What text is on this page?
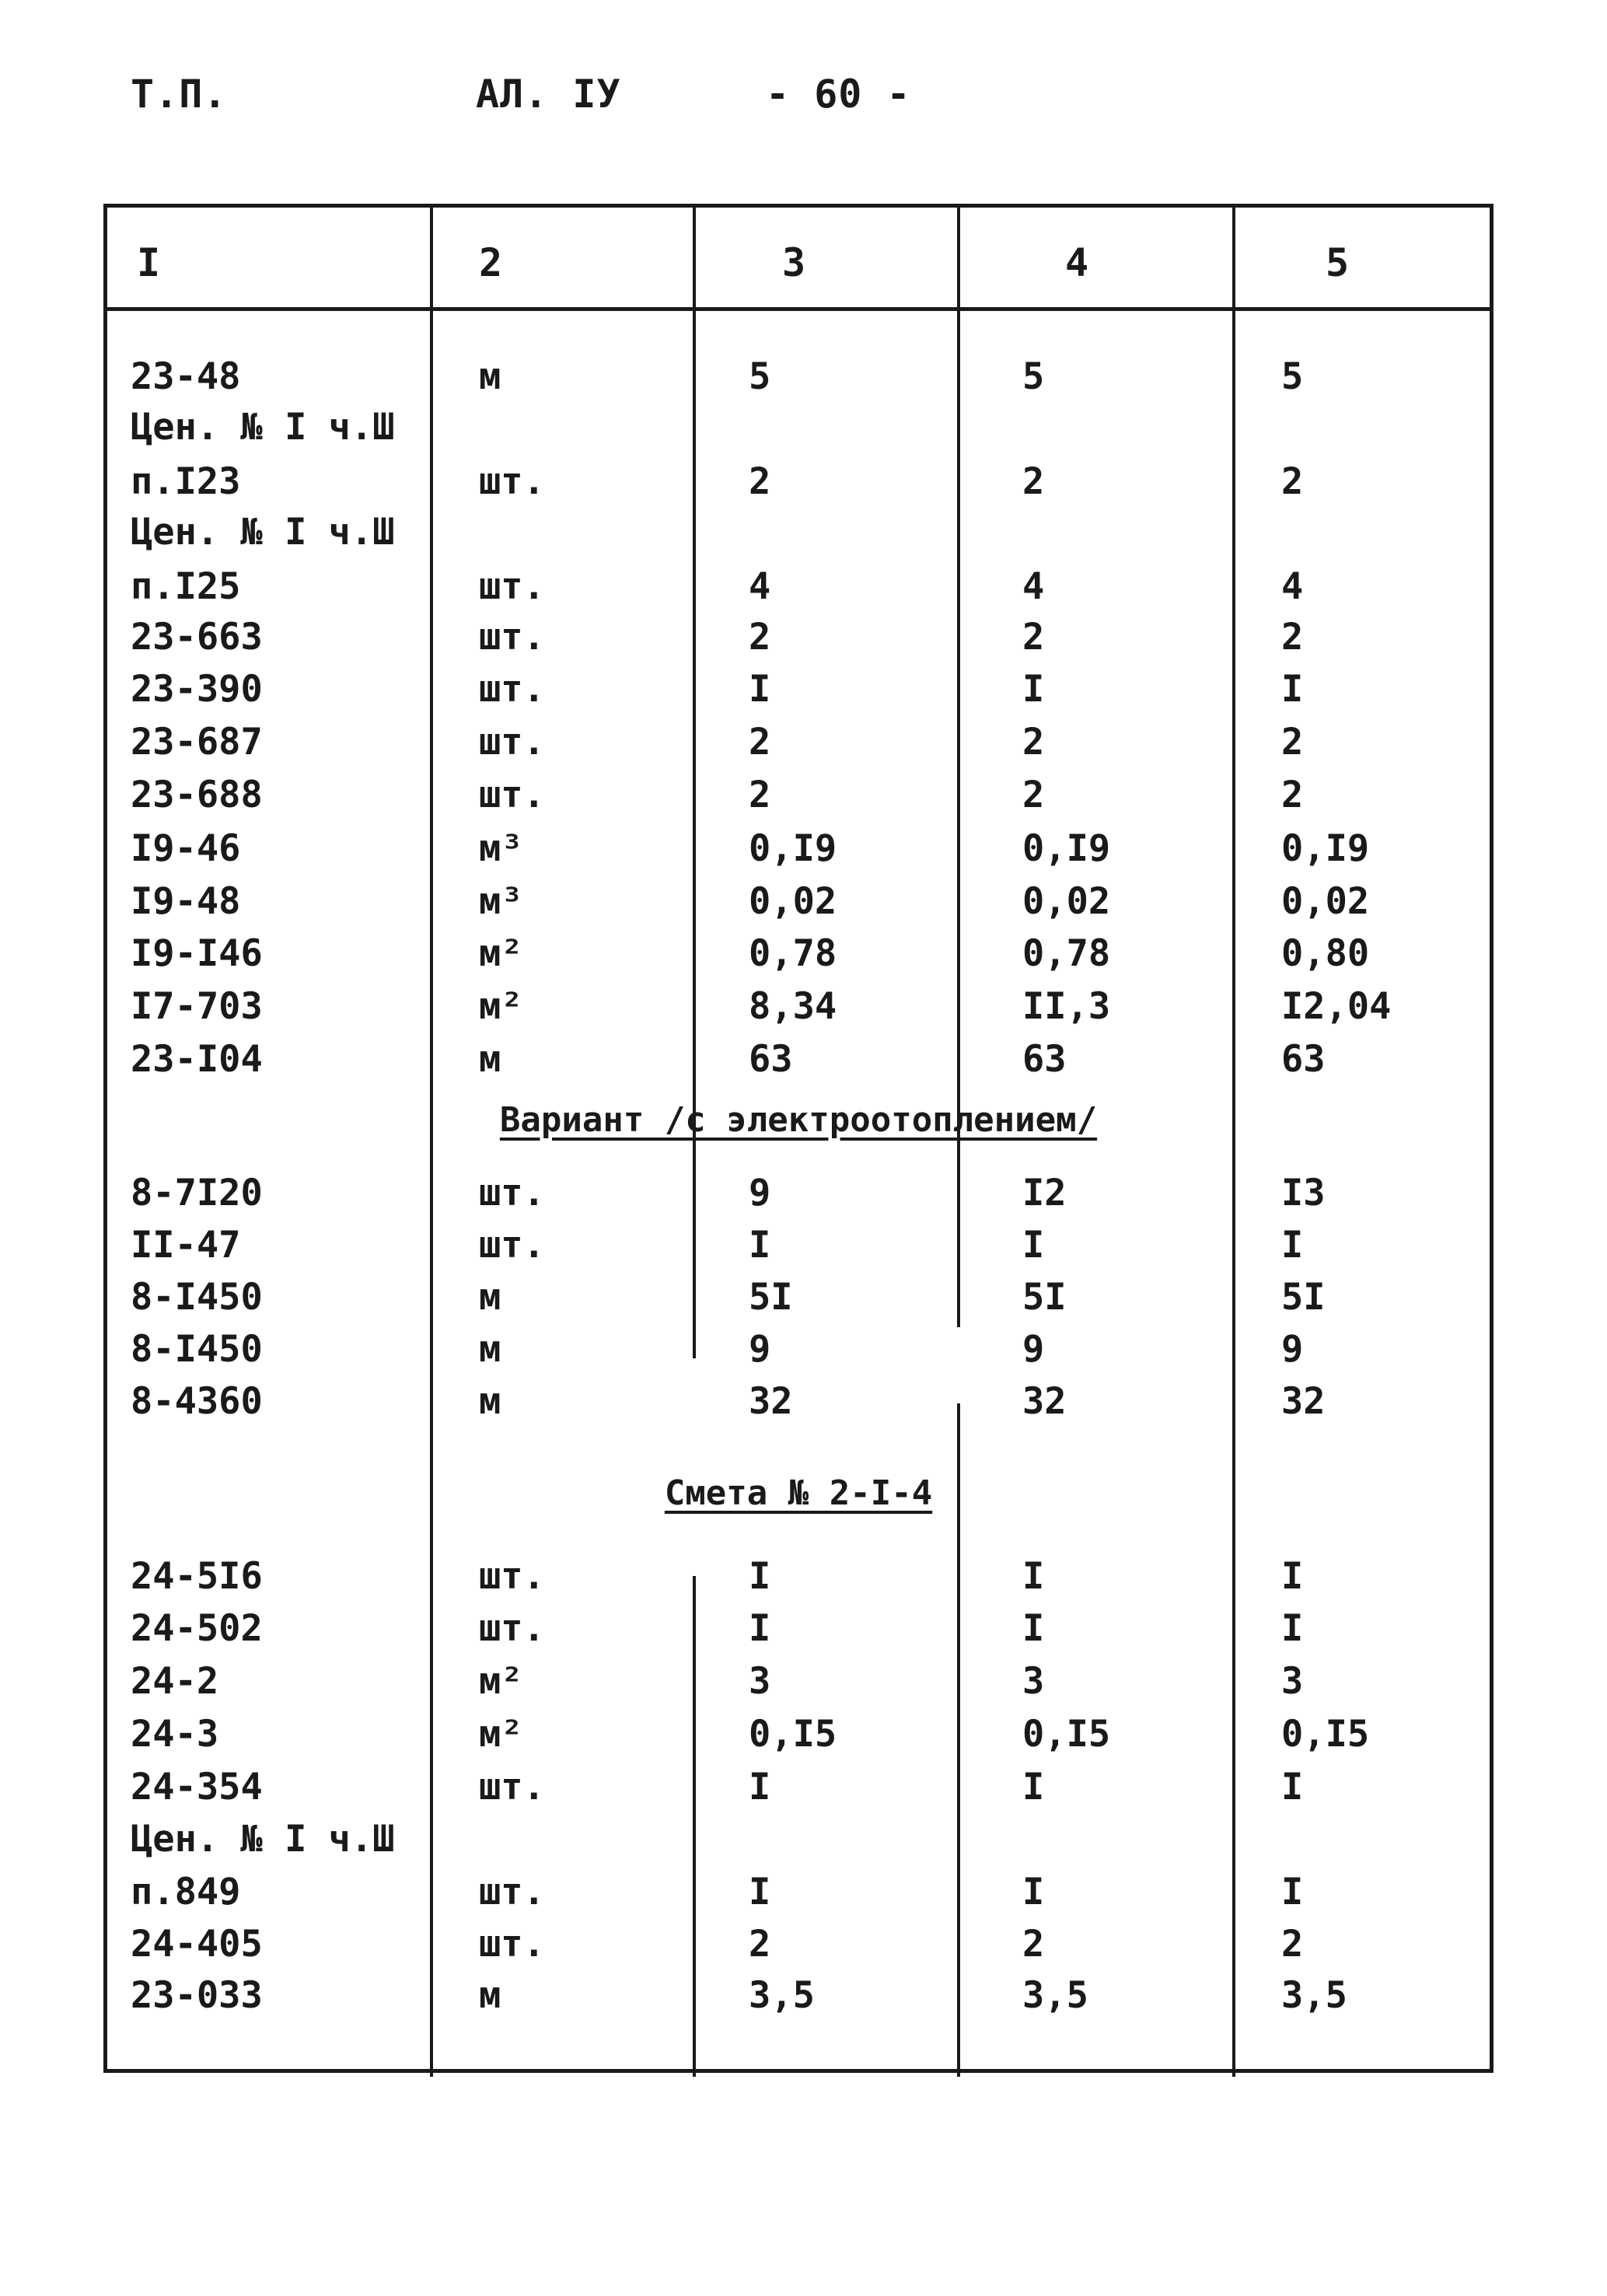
Т.П.	АЛ. IУ	- 60 -
I	2	3	4	5
23-48	м	5	5	5
Цен. № I ч.Ш
п.I23	шт.	2	2	2
Цен. № I ч.Ш
п.I25	шт.	4	4	4
23-663	шт.	2	2	2
23-390	шт.	I	I	I
23-687	шт.	2	2	2
23-688	шт.	2	2	2
I9-46	м³	0,I9	0,I9	0,I9
I9-48	м³	0,02	0,02	0,02
I9-I46	м²	0,78	0,78	0,80
I7-703	м²	8,34	II,3	I2,04
23-I04	м	63	63	63
Вариант /с электроотоплением/
8-7I20	шт.	9	I2	I3
II-47	шт.	I	I	I
8-I450	м	5I	5I	5I
8-I450	м	9	9	9
8-4360	м	32	32	32
Смета № 2-I-4
24-5I6	шт.	I	I	I
24-502	шт.	I	I	I
24-2	м²	3	3	3
24-3	м²	0,I5	0,I5	0,I5
24-354	шт.	I	I	I
Цен. № I ч.Ш
п.849	шт.	I	I	I
24-405	шт.	2	2	2
23-033	м	3,5	3,5	3,5
